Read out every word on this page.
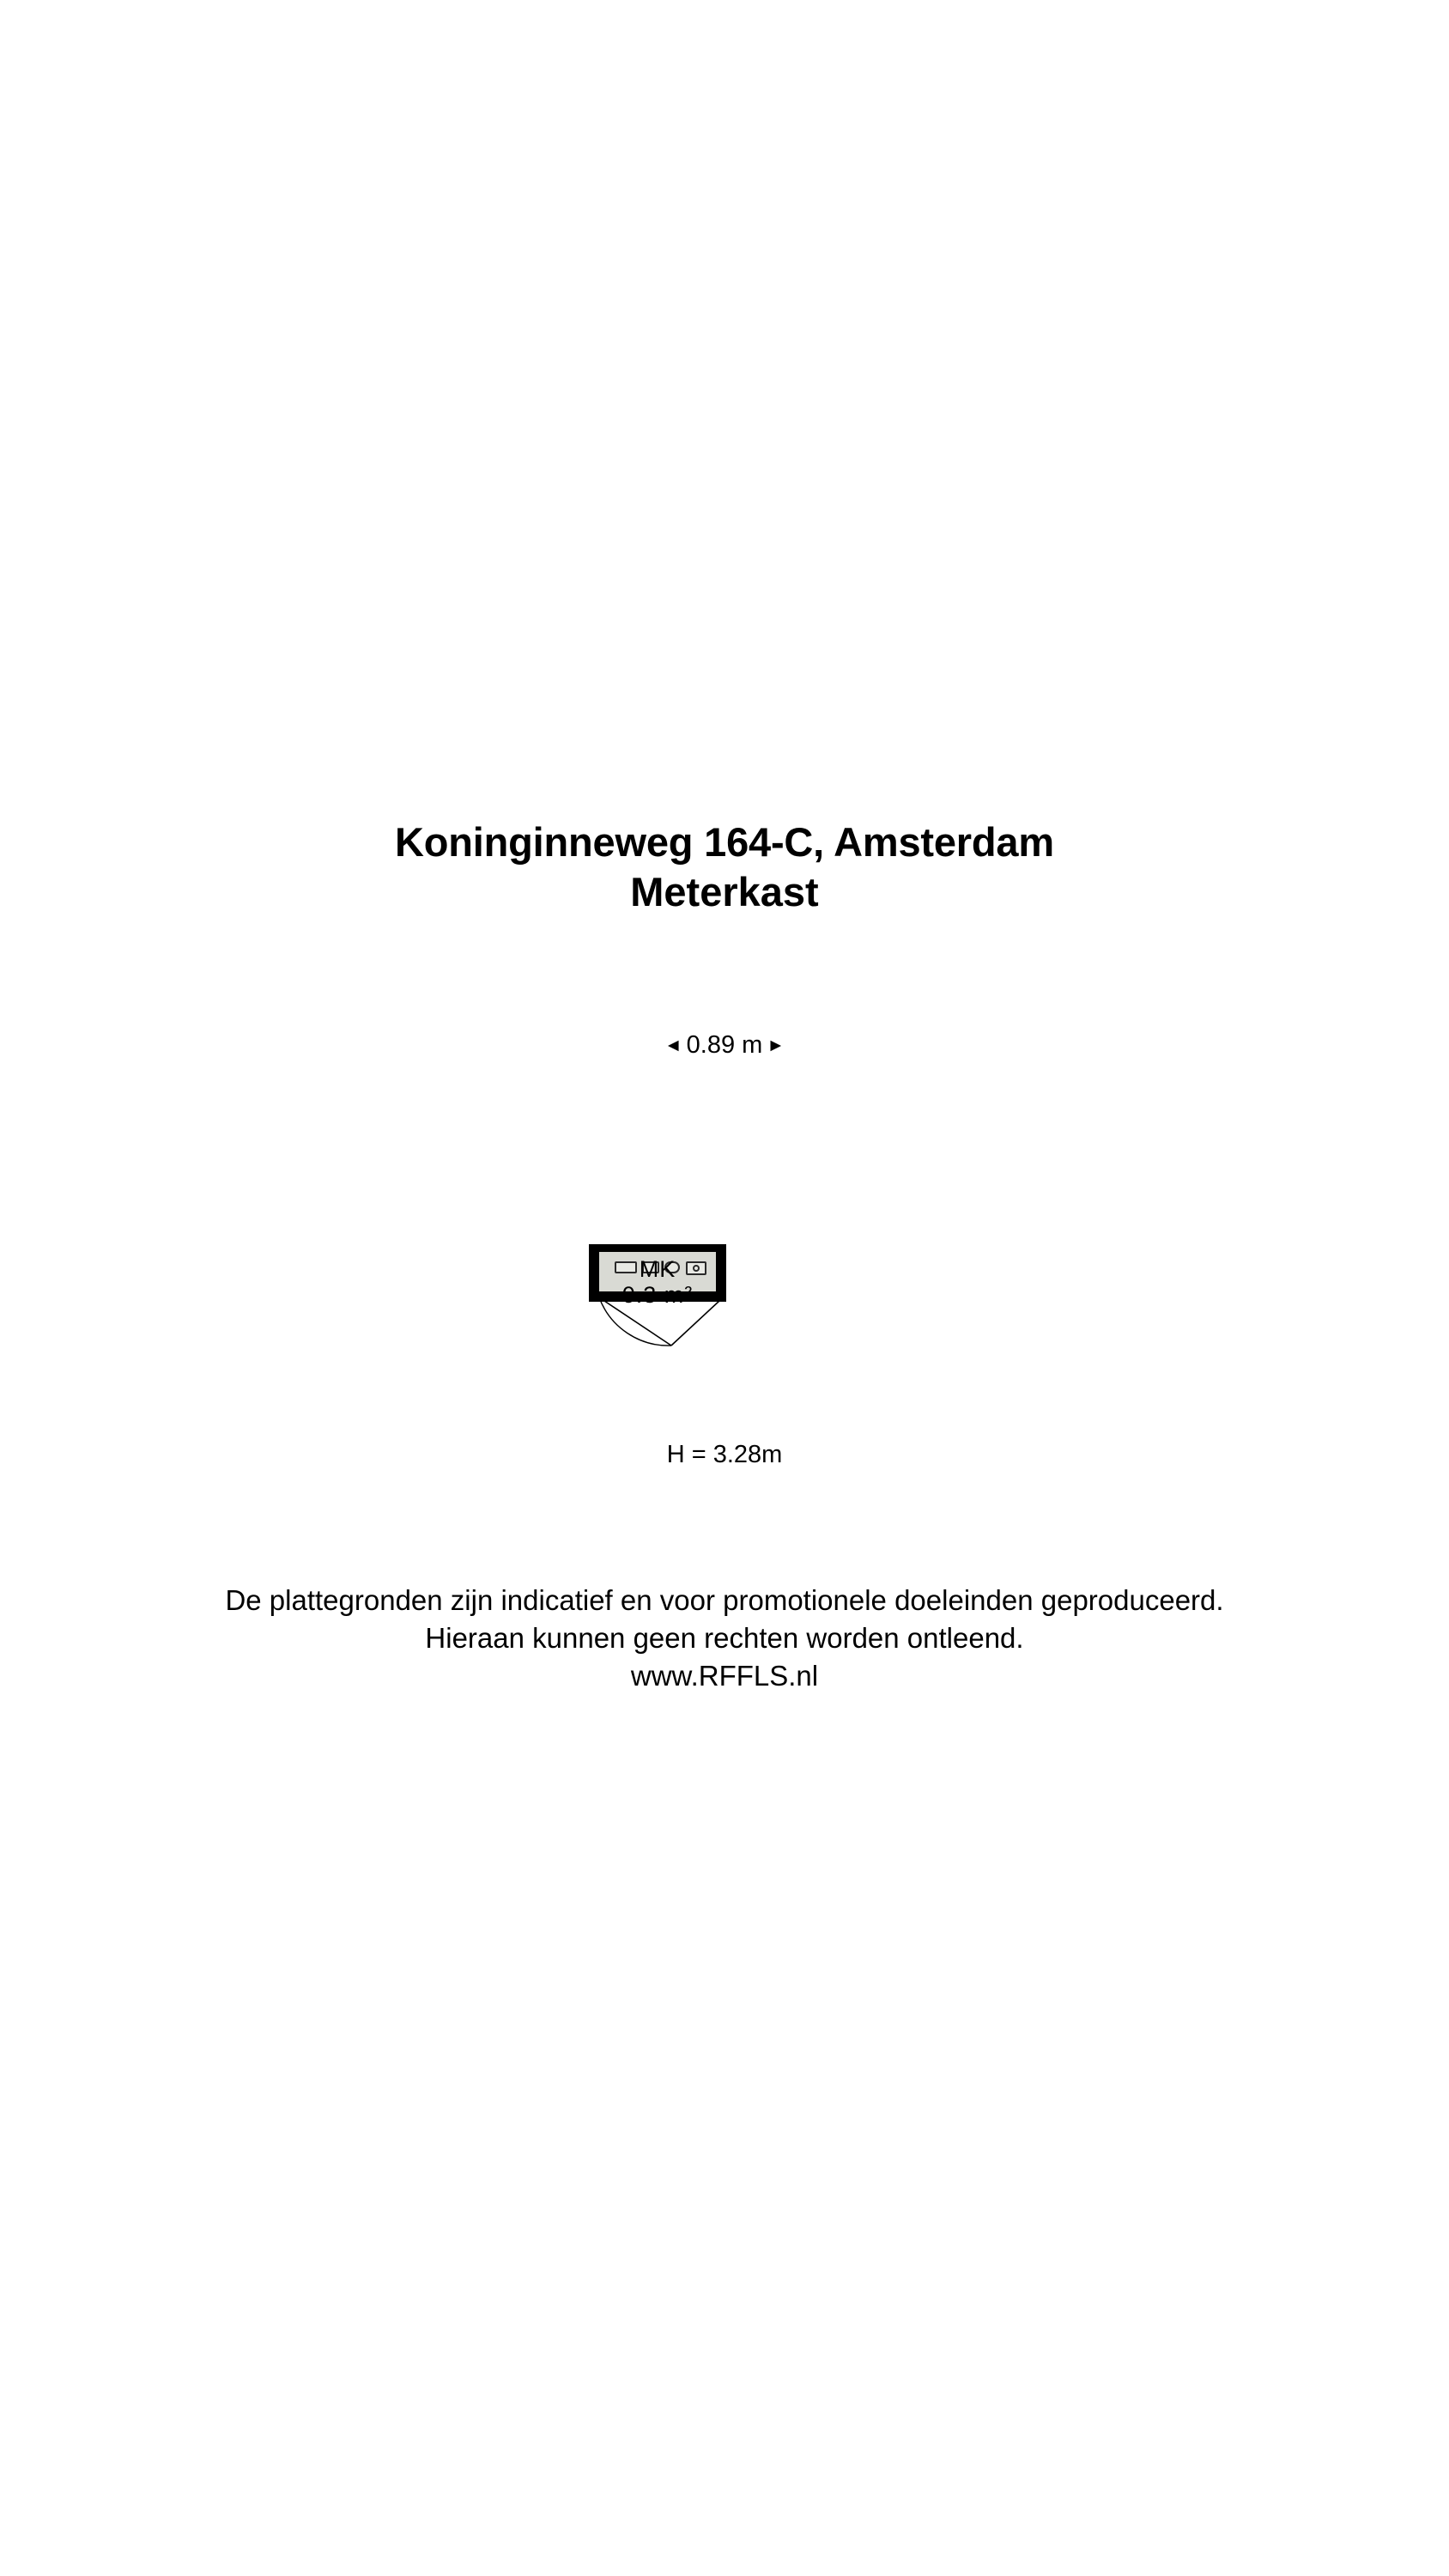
Koninginneweg 164-C, Amsterdam
Meterkast
◄ 0.89 m ►
MK
0.3 m²
H = 3.28m
De plattegronden zijn indicatief en voor promotionele doeleinden geproduceerd.
Hieraan kunnen geen rechten worden ontleend.
www.RFFLS.nl
